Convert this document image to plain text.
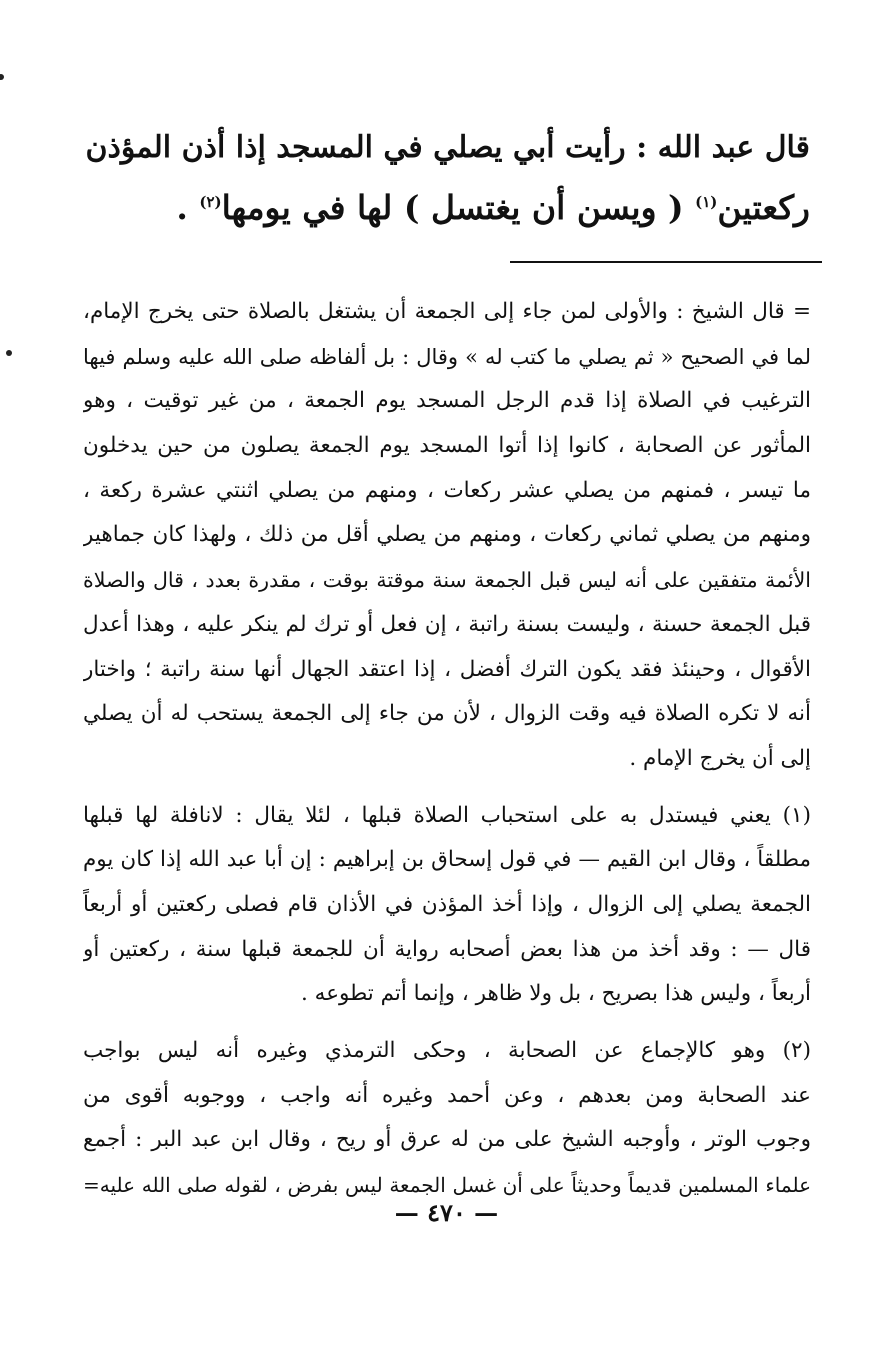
قال عبد الله : رأيت أبي يصلي في المسجد إذا أذن المؤذن
ركعتين$^{(١)}$ ( ويسن أن يغتسل ) لها في يومها$^{(٢)}$ .
= قال الشيخ : والأولى لمن جاء إلى الجمعة أن يشتغل بالصلاة حتى يخرج الإمام،
لما في الصحيح « ثم يصلي ما كتب له » وقال : بل ألفاظه صلى الله عليه وسلم فيها
الترغيب في الصلاة إذا قدم الرجل المسجد يوم الجمعة ، من غير توقيت ، وهو
المأثور عن الصحابة ، كانوا إذا أتوا المسجد يوم الجمعة يصلون من حين يدخلون
ما تيسر ، فمنهم من يصلي عشر ركعات ، ومنهم من يصلي اثنتي عشرة ركعة ،
ومنهم من يصلي ثماني ركعات ، ومنهم من يصلي أقل من ذلك ، ولهذا كان جماهير
الأئمة متفقين على أنه ليس قبل الجمعة سنة موقتة بوقت ، مقدرة بعدد ، قال والصلاة
قبل الجمعة حسنة ، وليست بسنة راتبة ، إن فعل أو ترك لم ينكر عليه ، وهذا أعدل
الأقوال ، وحينئذ فقد يكون الترك أفضل ، إذا اعتقد الجهال أنها سنة راتبة ؛ واختار
أنه لا تكره الصلاة فيه وقت الزوال ، لأن من جاء إلى الجمعة يستحب له أن يصلي
إلى أن يخرج الإمام .
(١) يعني فيستدل به على استحباب الصلاة قبلها ، لئلا يقال : لانافلة لها قبلها
مطلقاً ، وقال ابن القيم — في قول إسحاق بن إبراهيم : إن أبا عبد الله إذا كان يوم
الجمعة يصلي إلى الزوال ، وإذا أخذ المؤذن في الأذان قام فصلى ركعتين أو أربعاً
قال — : وقد أخذ من هذا بعض أصحابه رواية أن للجمعة قبلها سنة ، ركعتين أو
أربعاً ، وليس هذا بصريح ، بل ولا ظاهر ، وإنما أتم تطوعه .
(٢) وهو كالإجماع عن الصحابة ، وحكى الترمذي وغيره أنه ليس بواجب
عند الصحابة ومن بعدهم ، وعن أحمد وغيره أنه واجب ، ووجوبه أقوى من
وجوب الوتر ، وأوجبه الشيخ على من له عرق أو ريح ، وقال ابن عبد البر : أجمع
علماء المسلمين قديماً وحديثاً على أن غسل الجمعة ليس بفرض ، لقوله صلى الله عليه=
— ٤٧٠ —
